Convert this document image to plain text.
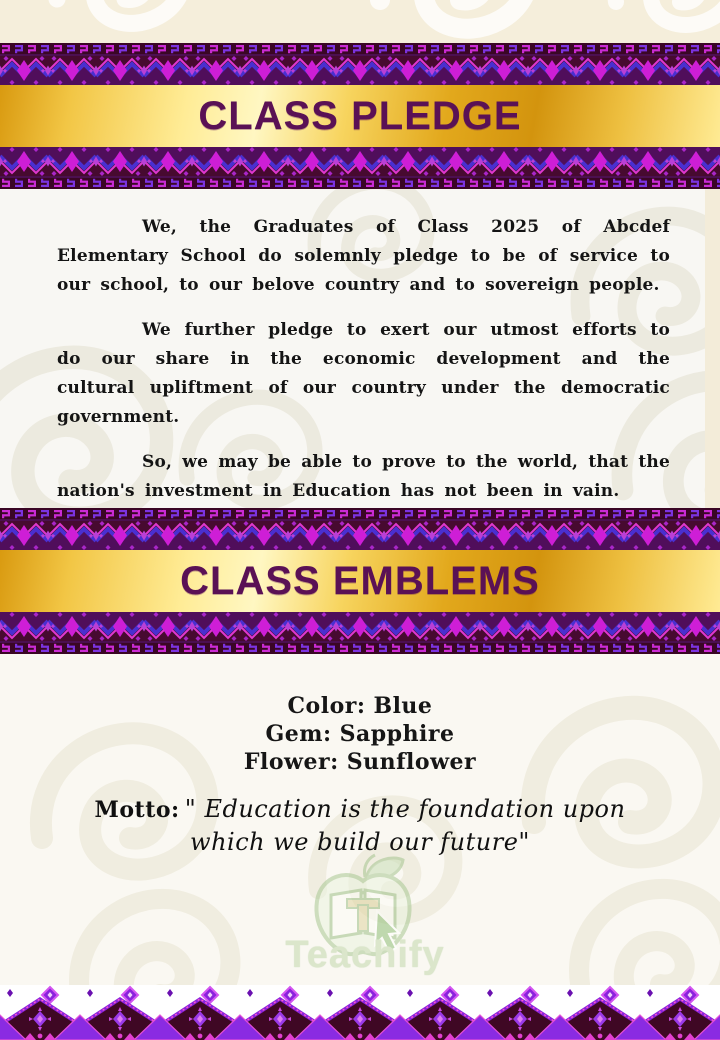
CLASS PLEDGE

We, the Graduates of Class 2025 of Abcdef Elementary School do solemnly pledge to be of service to our school, to our belove country and to sovereign people.

We further pledge to exert our utmost efforts to do our share in the economic development and the cultural upliftment of our country under the democratic government.

So, we may be able to prove to the world, that the nation's investment in Education has not been in vain.

CLASS EMBLEMS
Color: Blue
Gem: Sapphire
Flower: Sunflower
Motto: " Education is the foundation upon which we build our future"
Teachify
